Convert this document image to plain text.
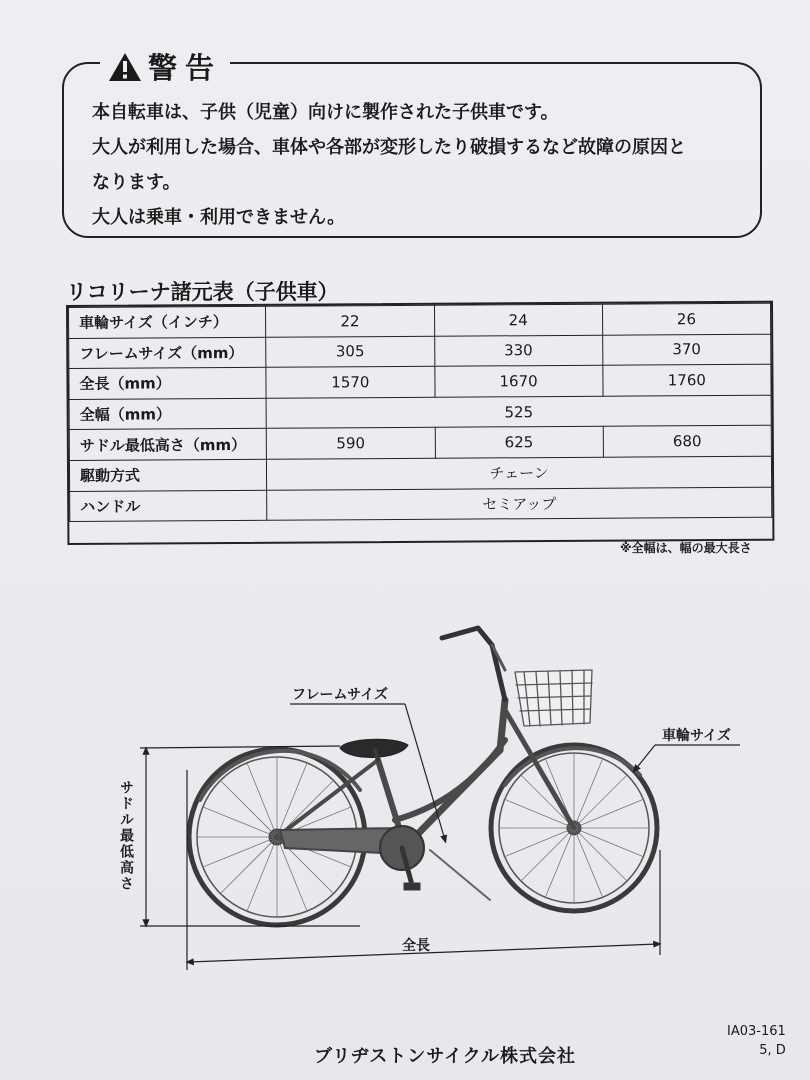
警告
本自転車は、子供（児童）向けに製作された子供車です。
大人が利用した場合、車体や各部が変形したり破損するなど故障の原因と
なります。
大人は乗車・利用できません。
リコリーナ諸元表（子供車）
車輪サイズ（インチ）	22	24	26
フレームサイズ（mm）	305	330	370
全長（mm）	1570	1670	1760
全幅（mm）	525		
サドル最低高さ（mm）	590	625	680
駆動方式	チェーン		
ハンドル	セミアップ		
※全幅は、幅の最大長さ
フレームサイズ
車輪サイズ
サドル最低高さ
全長
IA03-161
5, D
ブリヂストンサイクル株式会社
